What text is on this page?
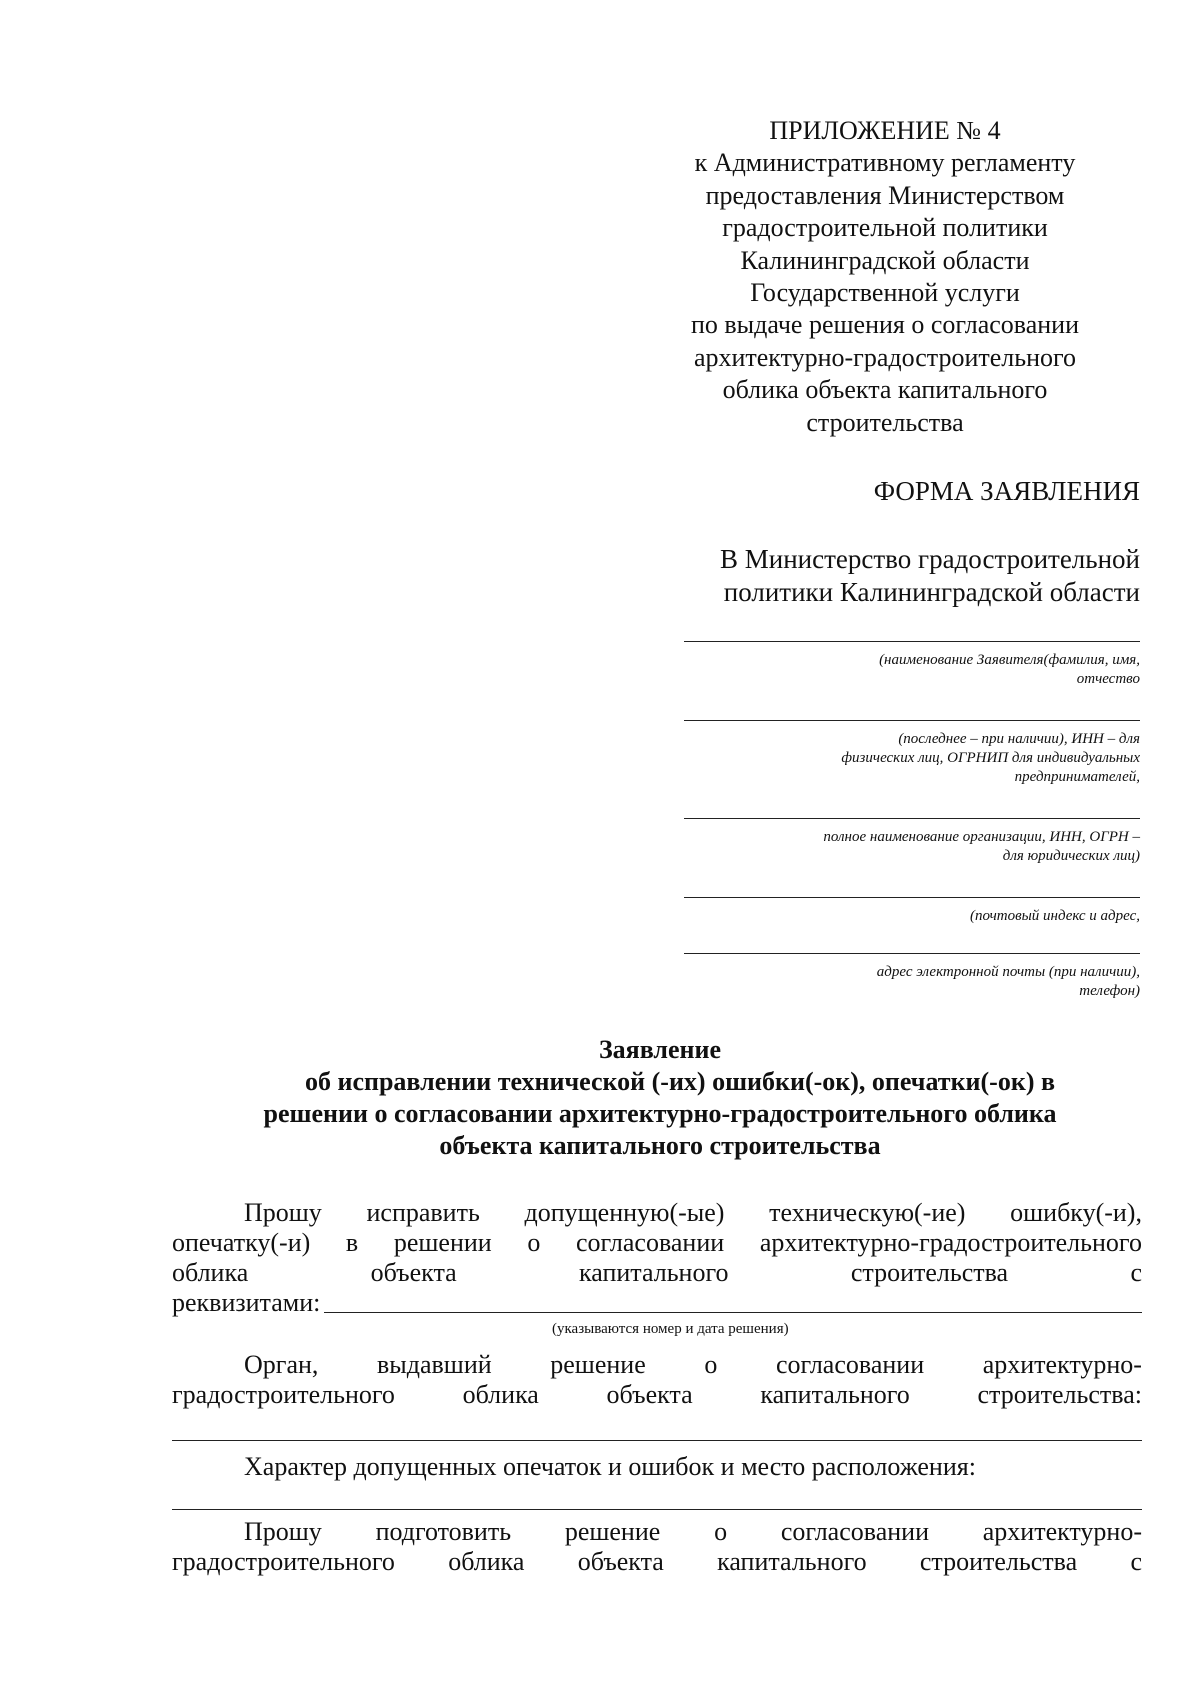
ПРИЛОЖЕНИЕ № 4
к Административному регламенту
предоставления Министерством
градостроительной политики
Калининградской области
Государственной услуги
по выдаче решения о согласовании
архитектурно-градостроительного
облика объекта капитального
строительства
ФОРМА ЗАЯВЛЕНИЯ
В Министерство градостроительной
политики Калининградской области
(наименование Заявителя(фамилия, имя,
отчество
(последнее – при наличии), ИНН – для
физических лиц, ОГРНИП для индивидуальных
предпринимателей,
полное наименование организации, ИНН, ОГРН –
для юридических лиц)
(почтовый индекс и адрес,
адрес электронной почты (при наличии),
телефон)
Заявление
об исправлении технической (-их) ошибки(-ок), опечатки(-ок) в
решении о согласовании архитектурно-градостроительного облика
объекта капитального строительства
Прошу исправить допущенную(-ые) техническую(-ие) ошибку(-и),
опечатку(-и) в решении о согласовании архитектурно-градостроительного
облика	объекта	капитального	строительства	с
реквизитами:
(указываются номер и дата решения)
Орган, выдавший решение о согласовании архитектурно-
градостроительного	облика	объекта	капитального	строительства:
Характер допущенных опечаток и ошибок и место расположения:
Прошу подготовить решение о согласовании архитектурно-
градостроительного облика объекта капитального строительства с
